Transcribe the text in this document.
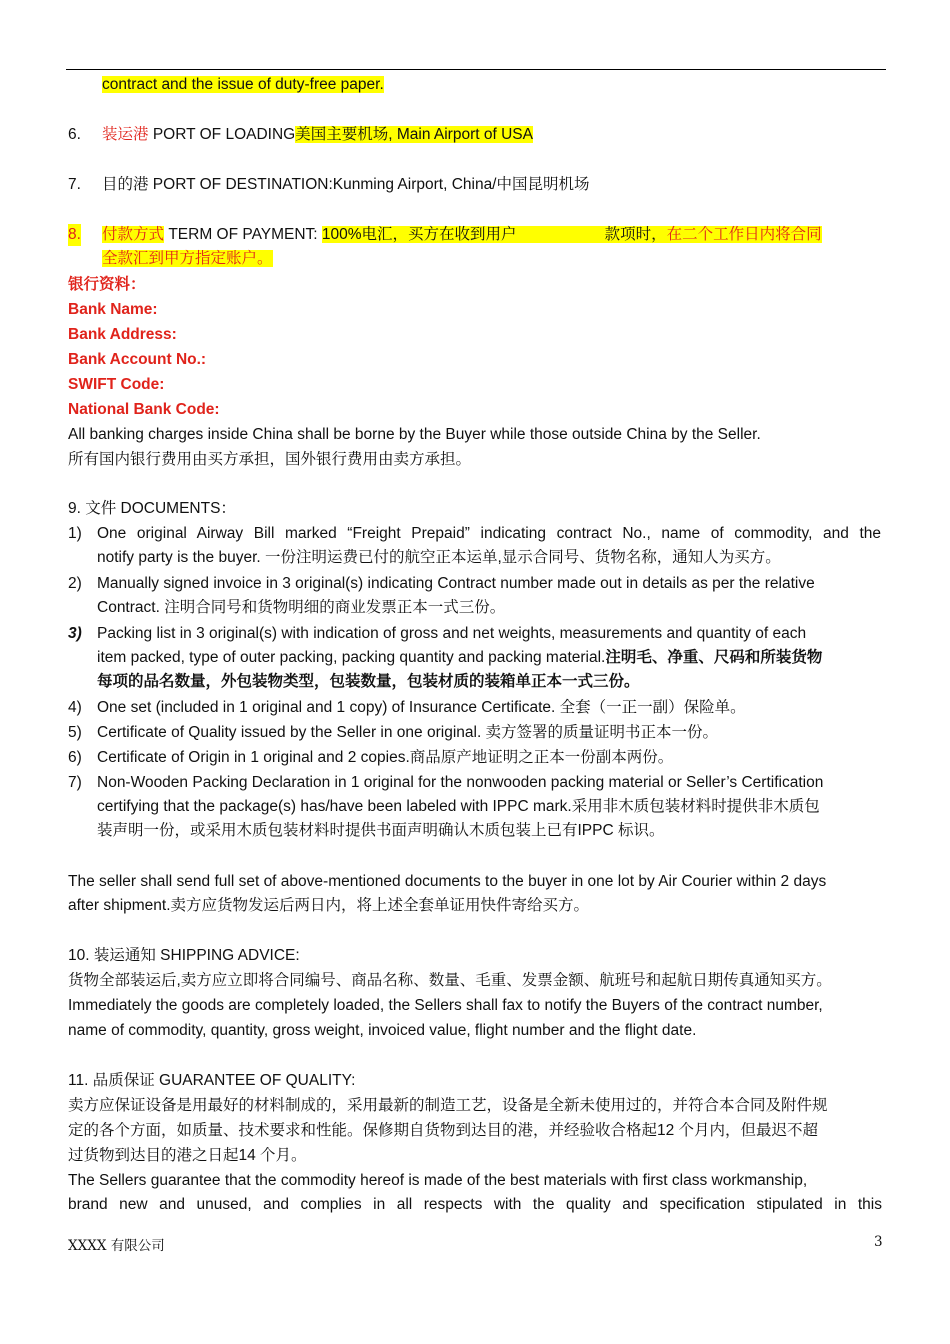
contract and the issue of duty-free paper.
6. 装运港 PORT OF LOADING美国主要机场, Main Airport of USA
7. 目的港 PORT OF DESTINATION:Kunming Airport, China/中国昆明机场
8. 付款方式 TERM OF PAYMENT: 100%电汇，买方在收到用户	款项时，在二个工作日内将合同
全款汇到甲方指定账户。
银行资料：
Bank Name:
Bank Address:
Bank Account No.:
SWIFT Code:
National Bank Code:
All banking charges inside China shall be borne by the Buyer while those outside China by the Seller.
所有国内银行费用由买方承担，国外银行费用由卖方承担。
9. 文件 DOCUMENTS：
1) One original Airway Bill marked “Freight Prepaid” indicating contract No., name of commodity, and the
notify party is the buyer. 一份注明运费已付的航空正本运单,显示合同号、货物名称，通知人为买方。
2) Manually signed invoice in 3 original(s) indicating Contract number made out in details as per the relative
Contract. 注明合同号和货物明细的商业发票正本一式三份。
3) Packing list in 3 original(s) with indication of gross and net weights, measurements and quantity of each
item packed, type of outer packing, packing quantity and packing material.注明毛、净重、尺码和所装货物
每项的品名数量，外包装物类型，包装数量，包装材质的装箱单正本一式三份。
4) One set (included in 1 original and 1 copy) of Insurance Certificate. 全套（一正一副）保险单。
5) Certificate of Quality issued by the Seller in one original. 卖方签署的质量证明书正本一份。
6) Certificate of Origin in 1 original and 2 copies.商品原产地证明之正本一份副本两份。
7) Non-Wooden Packing Declaration in 1 original for the nonwooden packing material or Seller’s Certification
certifying that the package(s) has/have been labeled with IPPC mark.采用非木质包装材料时提供非木质包
装声明一份，或采用木质包装材料时提供书面声明确认木质包装上已有IPPC 标识。
The seller shall send full set of above-mentioned documents to the buyer in one lot by Air Courier within 2 days
after shipment.卖方应货物发运后两日内，将上述全套单证用快件寄给买方。
10. 装运通知 SHIPPING ADVICE:
货物全部装运后,卖方应立即将合同编号、商品名称、数量、毛重、发票金额、航班号和起航日期传真通知买方。
Immediately the goods are completely loaded, the Sellers shall fax to notify the Buyers of the contract number,
name of commodity, quantity, gross weight, invoiced value, flight number and the flight date.
11. 品质保证 GUARANTEE OF QUALITY:
卖方应保证设备是用最好的材料制成的，采用最新的制造工艺，设备是全新未使用过的，并符合本合同及附件规
定的各个方面，如质量、技术要求和性能。保修期自货物到达目的港，并经验收合格起12 个月内，但最迟不超
过货物到达目的港之日起14 个月。
The Sellers guarantee that the commodity hereof is made of the best materials with first class workmanship,
brand new and unused, and complies in all respects with the quality and specification stipulated in this
XXXX 有限公司	3
